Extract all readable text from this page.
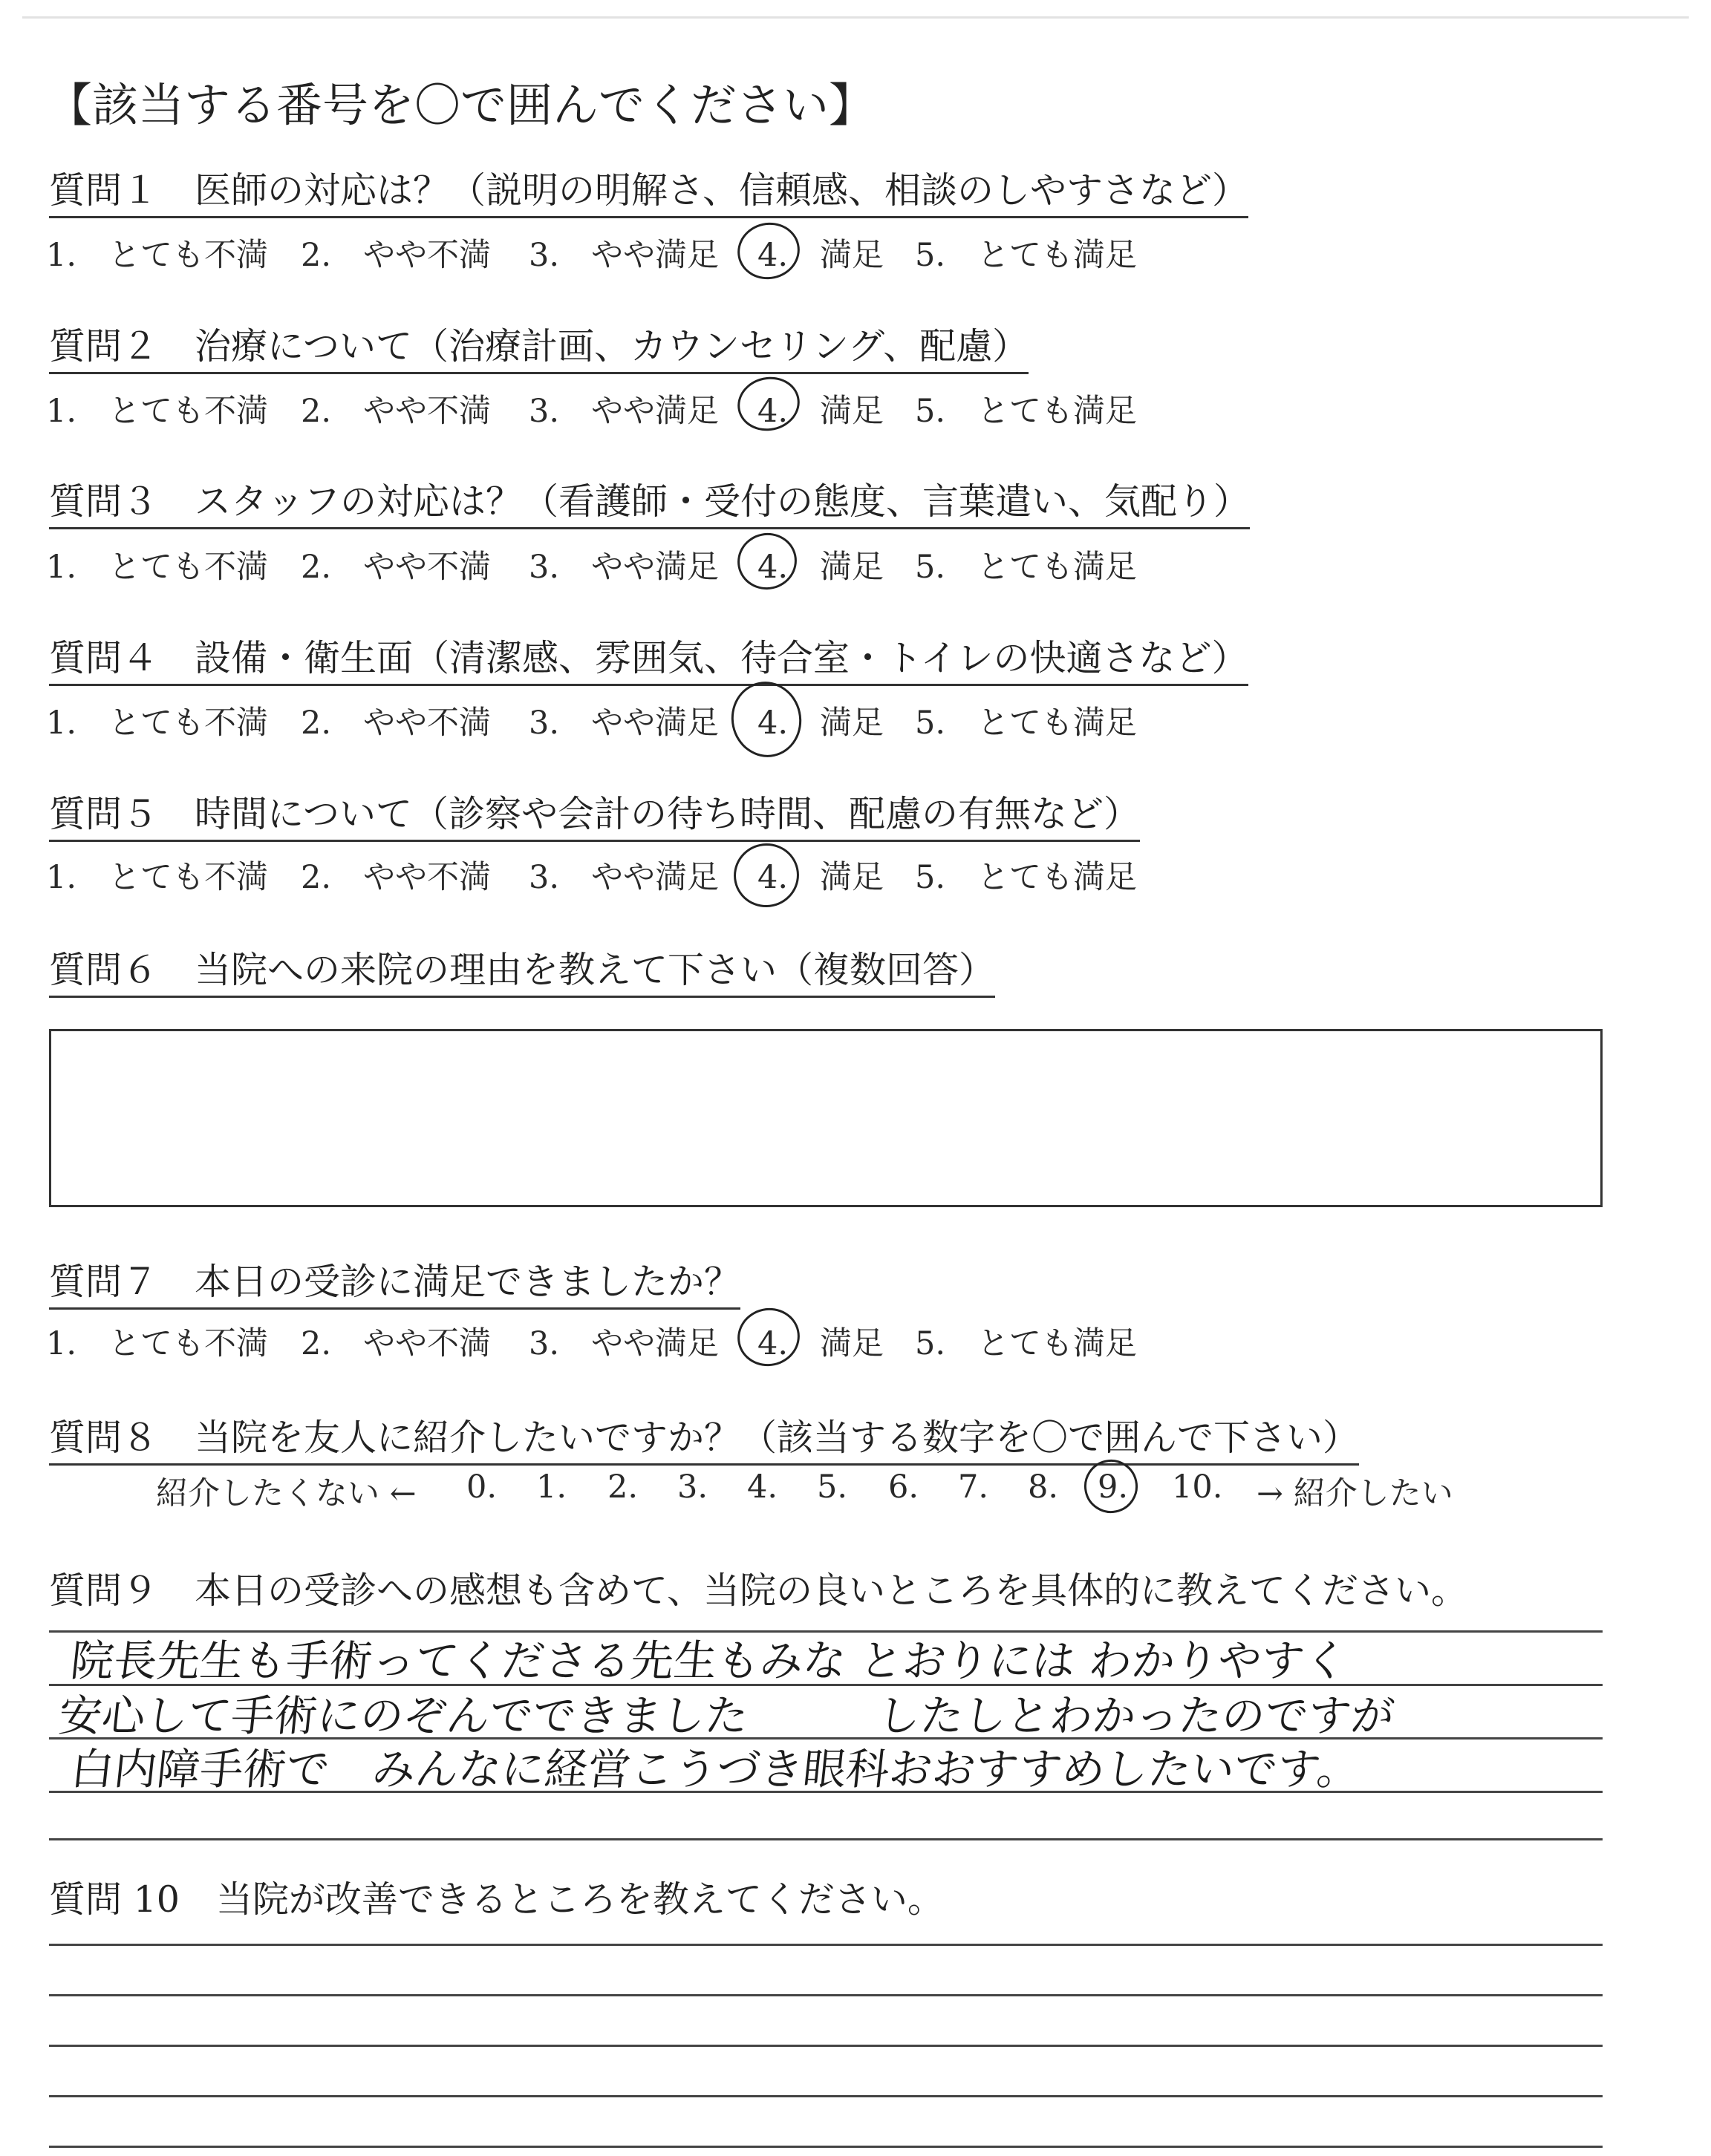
【該当する番号を〇で囲んでください】
質問１　医師の対応は？（説明の明解さ、信頼感、相談のしやすさなど）
1.　とても不満 2.　やや不満 3.　やや満足 4.　満足 5.　とても満足
質問２　治療について（治療計画、カウンセリング、配慮）
1.　とても不満 2.　やや不満 3.　やや満足 4.　満足 5.　とても満足
質問３　スタッフの対応は？（看護師・受付の態度、言葉遣い、気配り）
1.　とても不満 2.　やや不満 3.　やや満足 4.　満足 5.　とても満足
質問４　設備・衛生面（清潔感、雰囲気、待合室・トイレの快適さなど）
1.　とても不満 2.　やや不満 3.　やや満足 4.　満足 5.　とても満足
質問５　時間について（診察や会計の待ち時間、配慮の有無など）
1.　とても不満 2.　やや不満 3.　やや満足 4.　満足 5.　とても満足
質問６　当院への来院の理由を教えて下さい（複数回答）
質問７　本日の受診に満足できましたか？
1.　とても不満 2.　やや不満 3.　やや満足 4.　満足 5.　とても満足
質問８　当院を友人に紹介したいですか？（該当する数字を〇で囲んで下さい）
紹介したくない ← 0. 1. 2. 3. 4. 5. 6. 7. 8. 9. 10. → 紹介したい
質問９　本日の受診への感想も含めて、当院の良いところを具体的に教えてください。
院長先生も手術ってくださる先生もみな とおりには わかりやすく
安心して手術にのぞんでできました　　　したしとわかったのですが
白内障手術で　みんなに経営こうづき眼科おおすすめしたいです。
質問 10　当院が改善できるところを教えてください。
